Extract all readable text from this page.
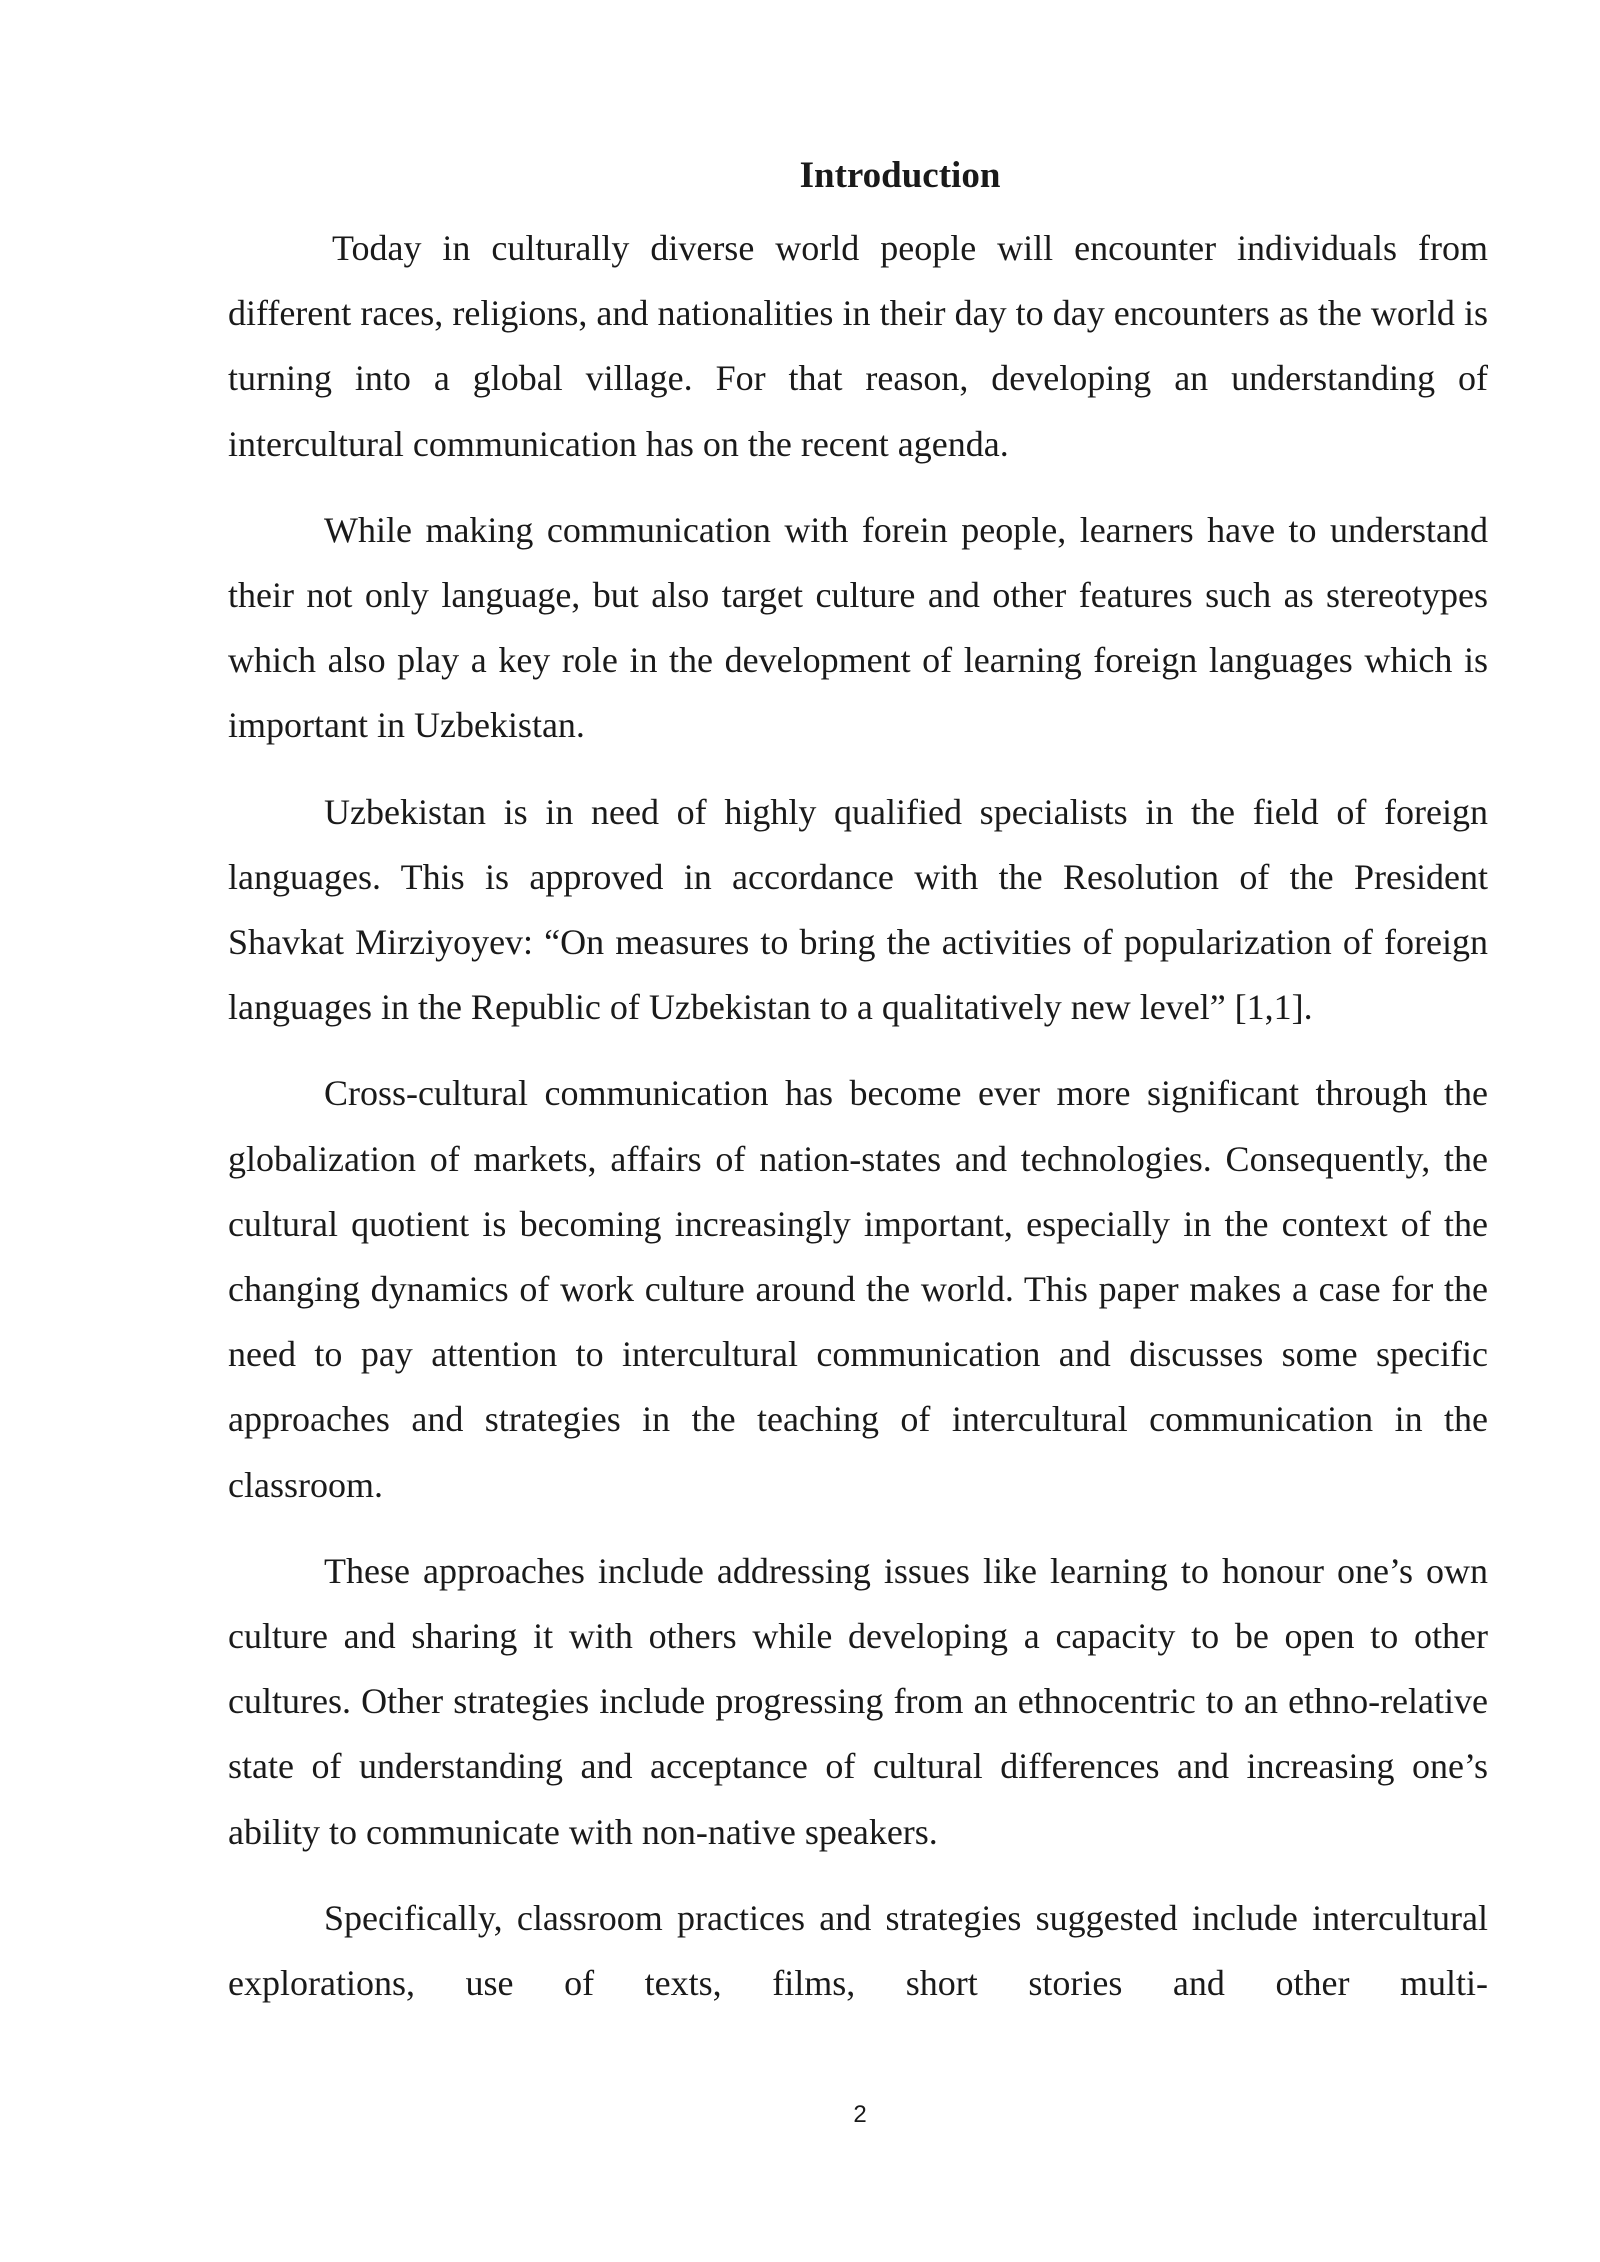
Introduction

Today in culturally diverse world people will encounter individuals from different races, religions, and nationalities in their day to day encounters as the world is turning into a global village. For that reason, developing an understanding of intercultural communication has on the recent agenda.

While making communication with forein people, learners have to understand their not only language, but also target culture and other features such as stereotypes which also play a key role in the development of learning foreign languages which is important in Uzbekistan.

Uzbekistan is in need of highly qualified specialists in the field of foreign languages. This is approved in accordance with the Resolution of the President Shavkat Mirziyoyev: “On measures to bring the activities of popularization of foreign languages in the Republic of Uzbekistan to a qualitatively new level” [1,1].

Cross-cultural communication has become ever more significant through the globalization of markets, affairs of nation-states and technologies. Consequently, the cultural quotient is becoming increasingly important, especially in the context of the changing dynamics of work culture around the world. This paper makes a case for the need to pay attention to intercultural communication and discusses some specific approaches and strategies in the teaching of intercultural communication in the classroom.

These approaches include addressing issues like learning to honour one’s own culture and sharing it with others while developing a capacity to be open to other cultures. Other strategies include progressing from an ethnocentric to an ethno-relative state of understanding and acceptance of cultural differences and increasing one’s ability to communicate with non-native speakers.

Specifically, classroom practices and strategies suggested include intercultural explorations, use of texts, films, short stories and other multi-

2
